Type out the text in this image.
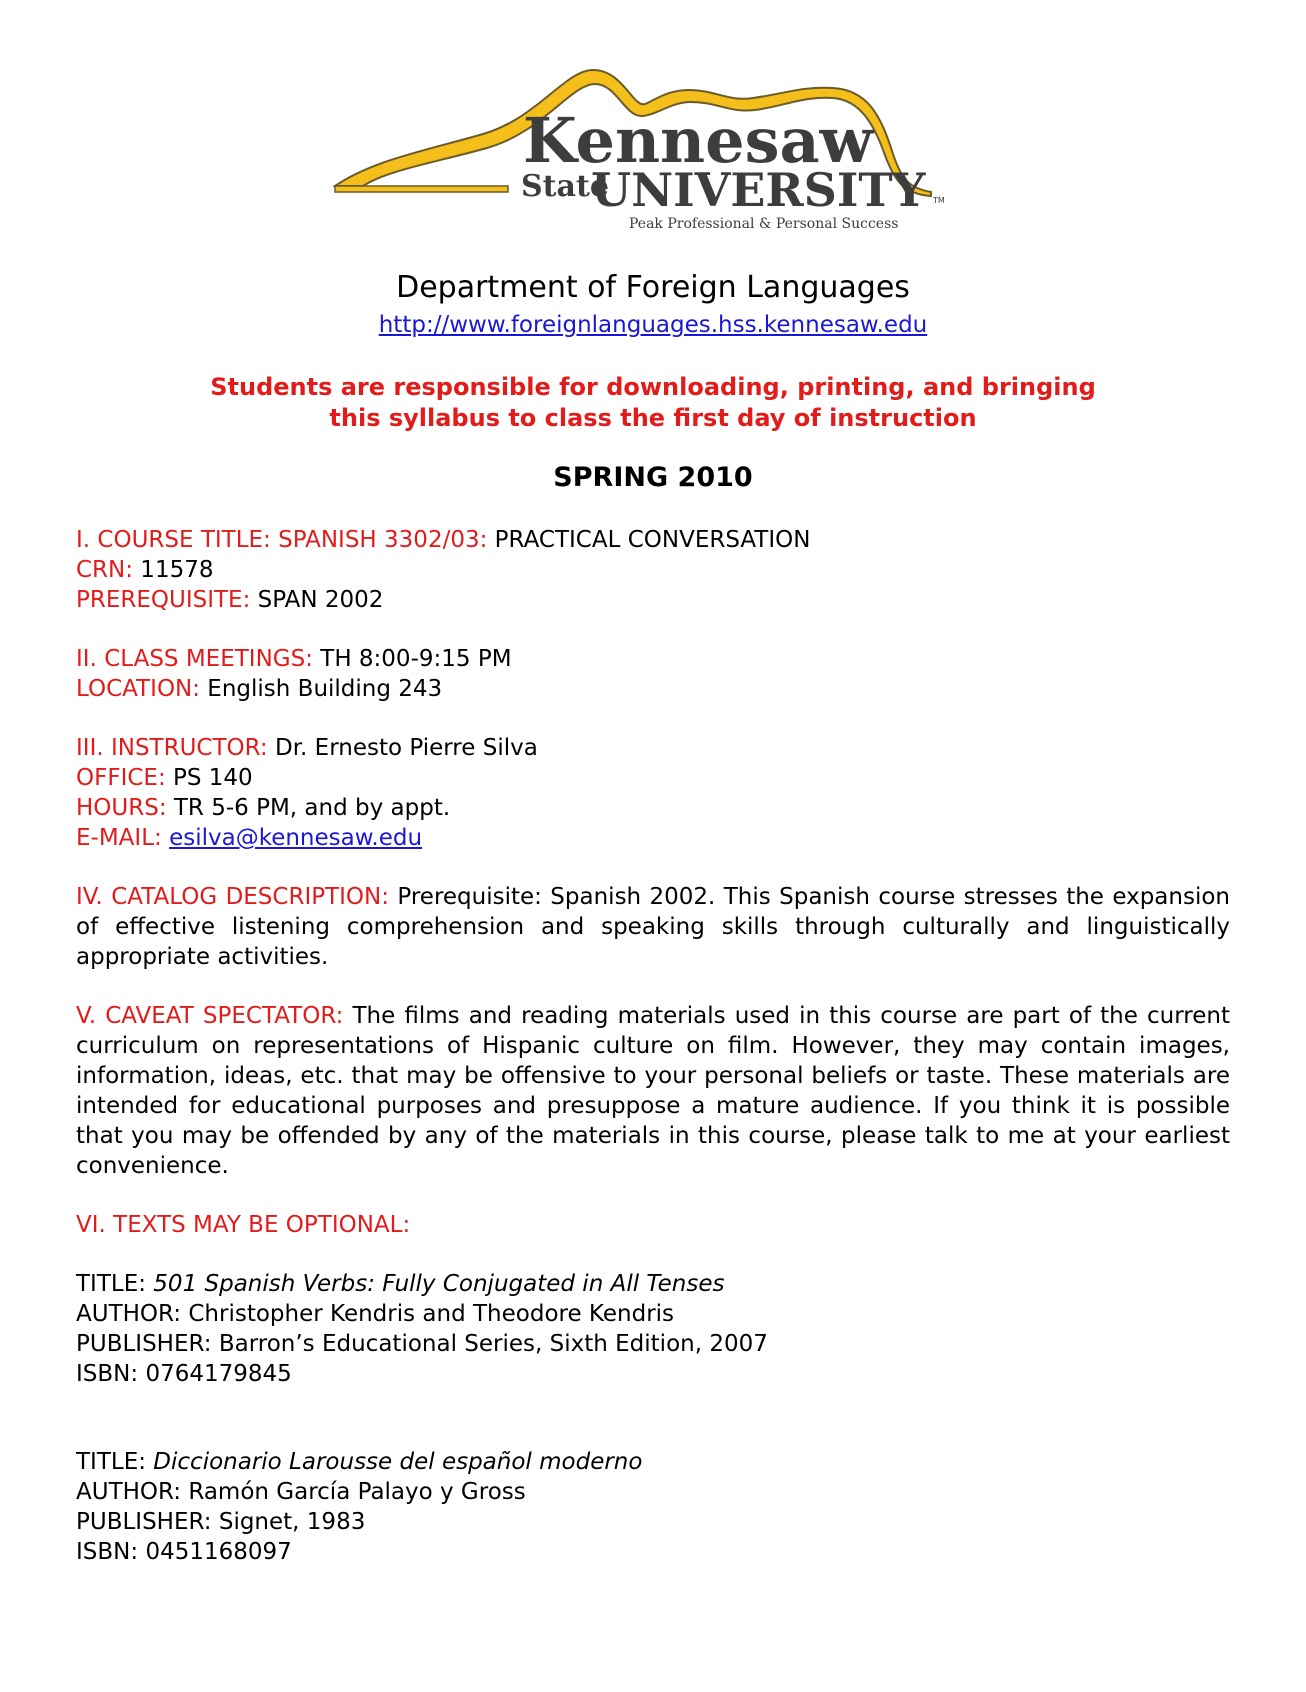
Kennesaw
State
UNIVERSITY
Peak Professional & Personal Success
TM
Department of Foreign Languages
http://www.foreignlanguages.hss.kennesaw.edu
Students are responsible for downloading, printing, and bringing
this syllabus to class the first day of instruction
SPRING 2010
I. COURSE TITLE: SPANISH 3302/03: PRACTICAL CONVERSATION
CRN: 11578
PREREQUISITE: SPAN 2002
II. CLASS MEETINGS: TH 8:00-9:15 PM
LOCATION: English Building 243
III. INSTRUCTOR: Dr. Ernesto Pierre Silva
OFFICE: PS 140
HOURS: TR 5-6 PM, and by appt.
E-MAIL: esilva@kennesaw.edu

IV. CATALOG DESCRIPTION: Prerequisite: Spanish 2002. This Spanish course stresses the expansion of effective listening comprehension and speaking skills through culturally and linguistically appropriate activities.

V. CAVEAT SPECTATOR: The films and reading materials used in this course are part of the current curriculum on representations of Hispanic culture on film. However, they may contain images, information, ideas, etc. that may be offensive to your personal beliefs or taste. These materials are intended for educational purposes and presuppose a mature audience. If you think it is possible that you may be offended by any of the materials in this course, please talk to me at your earliest convenience.

VI. TEXTS MAY BE OPTIONAL:
TITLE: 501 Spanish Verbs: Fully Conjugated in All Tenses
AUTHOR: Christopher Kendris and Theodore Kendris
PUBLISHER: Barron’s Educational Series, Sixth Edition, 2007
ISBN: 0764179845
TITLE: Diccionario Larousse del español moderno
AUTHOR: Ramón García Palayo y Gross
PUBLISHER: Signet, 1983
ISBN: 0451168097
